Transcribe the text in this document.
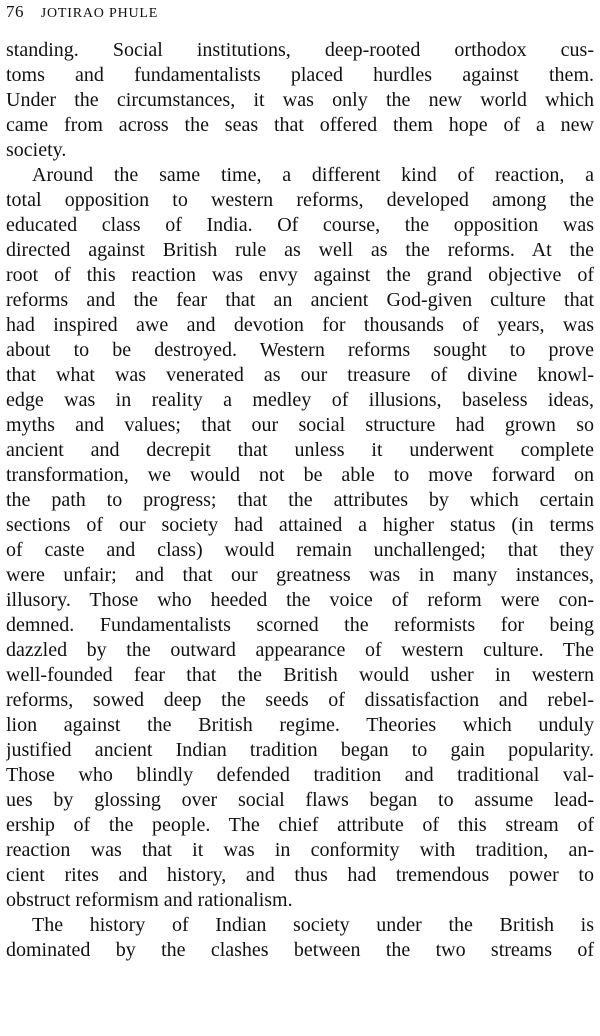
76 JOTIRAO PHULE
standing. Social institutions, deep-rooted orthodox cus-
toms and fundamentalists placed hurdles against them.
Under the circumstances, it was only the new world which
came from across the seas that offered them hope of a new
society.
Around the same time, a different kind of reaction, a
total opposition to western reforms, developed among the
educated class of India. Of course, the opposition was
directed against British rule as well as the reforms. At the
root of this reaction was envy against the grand objective of
reforms and the fear that an ancient God-given culture that
had inspired awe and devotion for thousands of years, was
about to be destroyed. Western reforms sought to prove
that what was venerated as our treasure of divine knowl-
edge was in reality a medley of illusions, baseless ideas,
myths and values; that our social structure had grown so
ancient and decrepit that unless it underwent complete
transformation, we would not be able to move forward on
the path to progress; that the attributes by which certain
sections of our society had attained a higher status (in terms
of caste and class) would remain unchallenged; that they
were unfair; and that our greatness was in many instances,
illusory. Those who heeded the voice of reform were con-
demned. Fundamentalists scorned the reformists for being
dazzled by the outward appearance of western culture. The
well-founded fear that the British would usher in western
reforms, sowed deep the seeds of dissatisfaction and rebel-
lion against the British regime. Theories which unduly
justified ancient Indian tradition began to gain popularity.
Those who blindly defended tradition and traditional val-
ues by glossing over social flaws began to assume lead-
ership of the people. The chief attribute of this stream of
reaction was that it was in conformity with tradition, an-
cient rites and history, and thus had tremendous power to
obstruct reformism and rationalism.
The history of Indian society under the British is
dominated by the clashes between the two streams of
